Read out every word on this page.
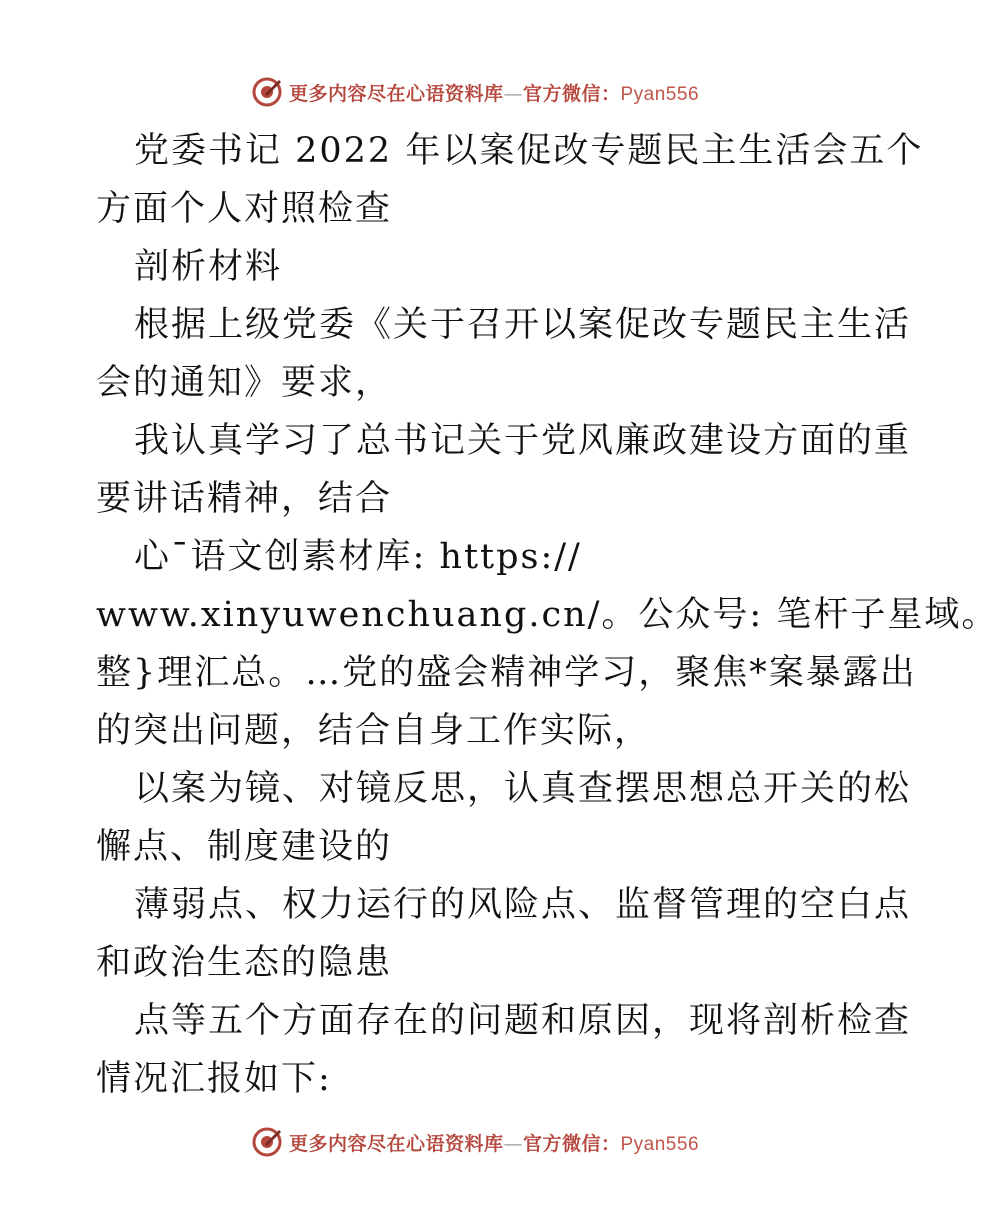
更多内容尽在心语资料库—官方微信：Pyan556
党委书记 2022 年以案促改专题民主生活会五个
方面个人对照检查
剖析材料
根据上级党委《关于召开以案促改专题民主生活
会的通知》要求，
我认真学习了总书记关于党风廉政建设方面的重
要讲话精神，结合
心¯语文创素材库: https://
www.xinyuwenchuang.cn/。公众号: 笔杆子星域。
整}理汇总。…党的盛会精神学习，聚焦*案暴露出
的突出问题，结合自身工作实际，
以案为镜、对镜反思，认真查摆思想总开关的松
懈点、制度建设的
薄弱点、权力运行的风险点、监督管理的空白点
和政治生态的隐患
点等五个方面存在的问题和原因，现将剖析检查
情况汇报如下:
更多内容尽在心语资料库—官方微信：Pyan556
